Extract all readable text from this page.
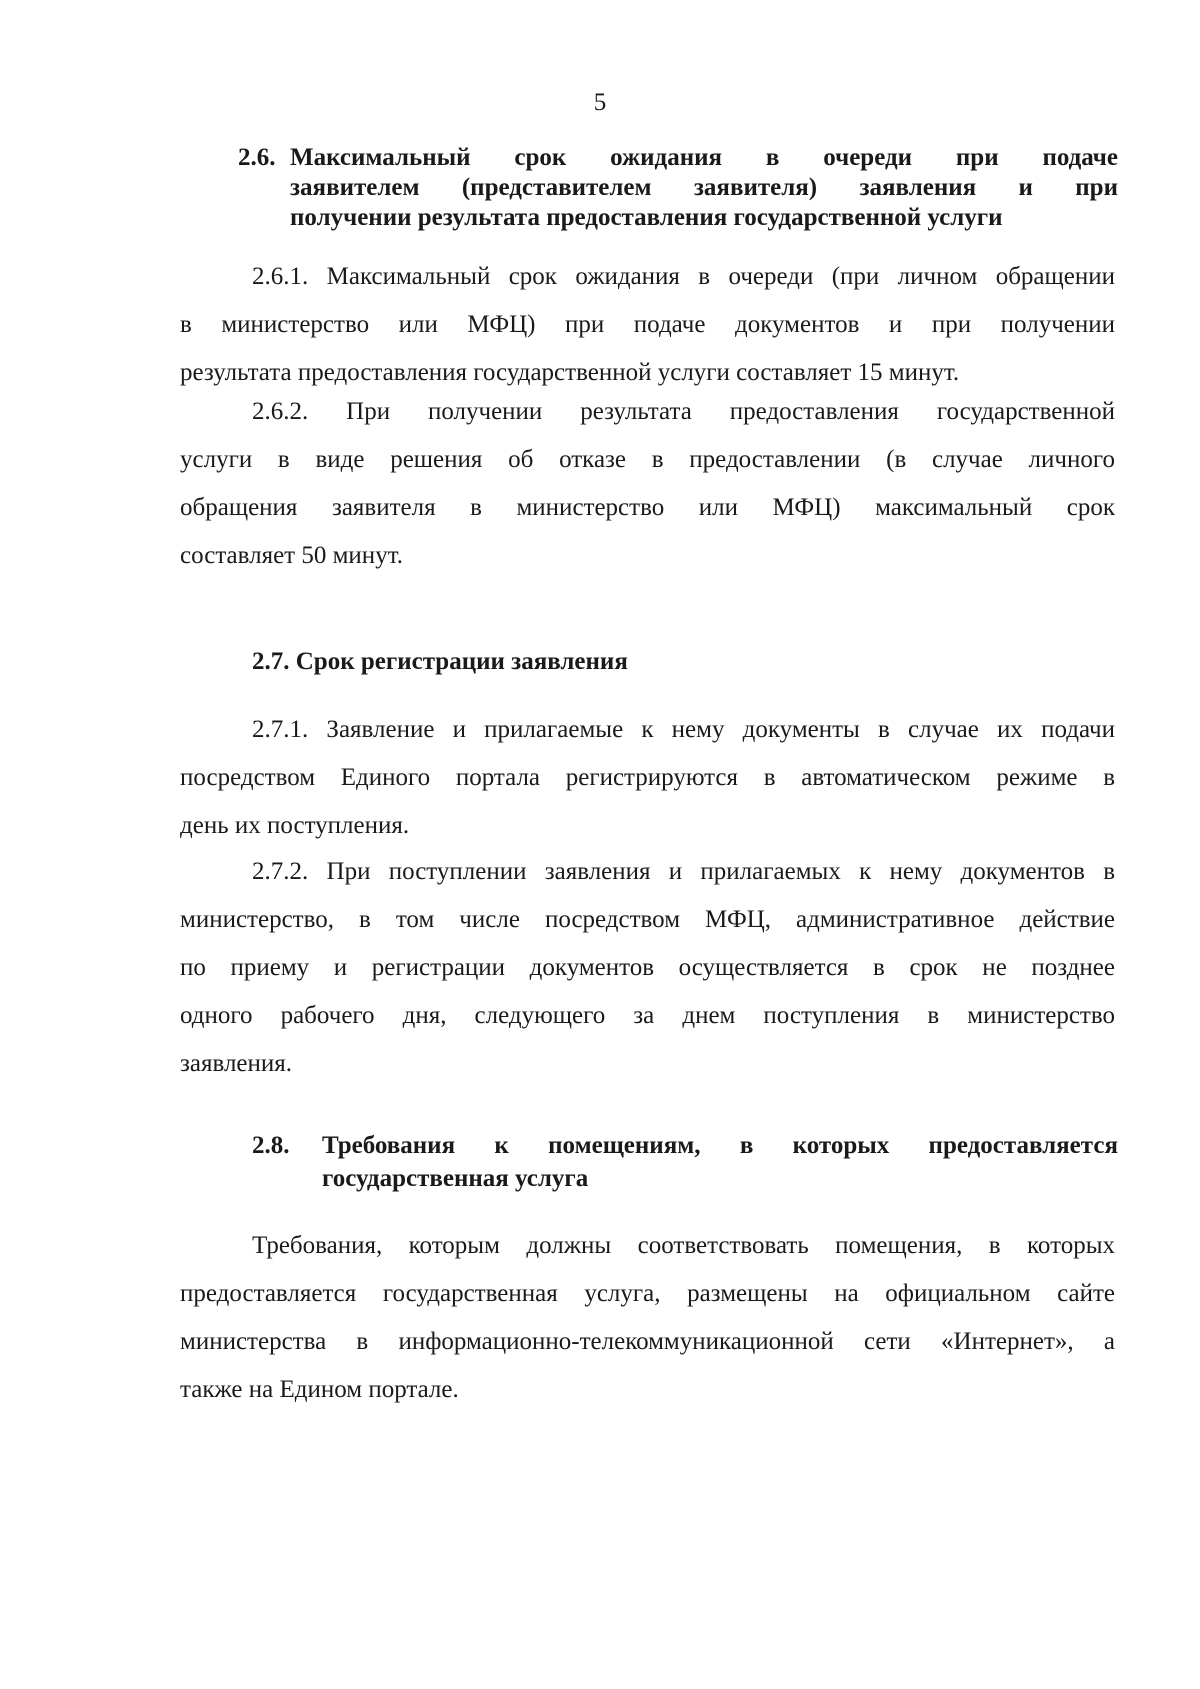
5
2.6. Максимальный срок ожидания в очереди при подаче
заявителем (представителем заявителя) заявления и при
получении результата предоставления государственной услуги
2.6.1. Максимальный срок ожидания в очереди (при личном обращении
в министерство или МФЦ) при подаче документов и при получении
результата предоставления государственной услуги составляет 15 минут.
2.6.2. При получении результата предоставления государственной
услуги в виде решения об отказе в предоставлении (в случае личного
обращения заявителя в министерство или МФЦ) максимальный срок
составляет 50 минут.
2.7. Срок регистрации заявления
2.7.1. Заявление и прилагаемые к нему документы в случае их подачи
посредством Единого портала регистрируются в автоматическом режиме в
день их поступления.
2.7.2. При поступлении заявления и прилагаемых к нему документов в
министерство, в том числе посредством МФЦ, административное действие
по приему и регистрации документов осуществляется в срок не позднее
одного рабочего дня, следующего за днем поступления в министерство
заявления.
2.8. Требования к помещениям, в которых предоставляется
государственная услуга
Требования, которым должны соответствовать помещения, в которых
предоставляется государственная услуга, размещены на официальном сайте
министерства в информационно-телекоммуникационной сети «Интернет», а
также на Едином портале.
